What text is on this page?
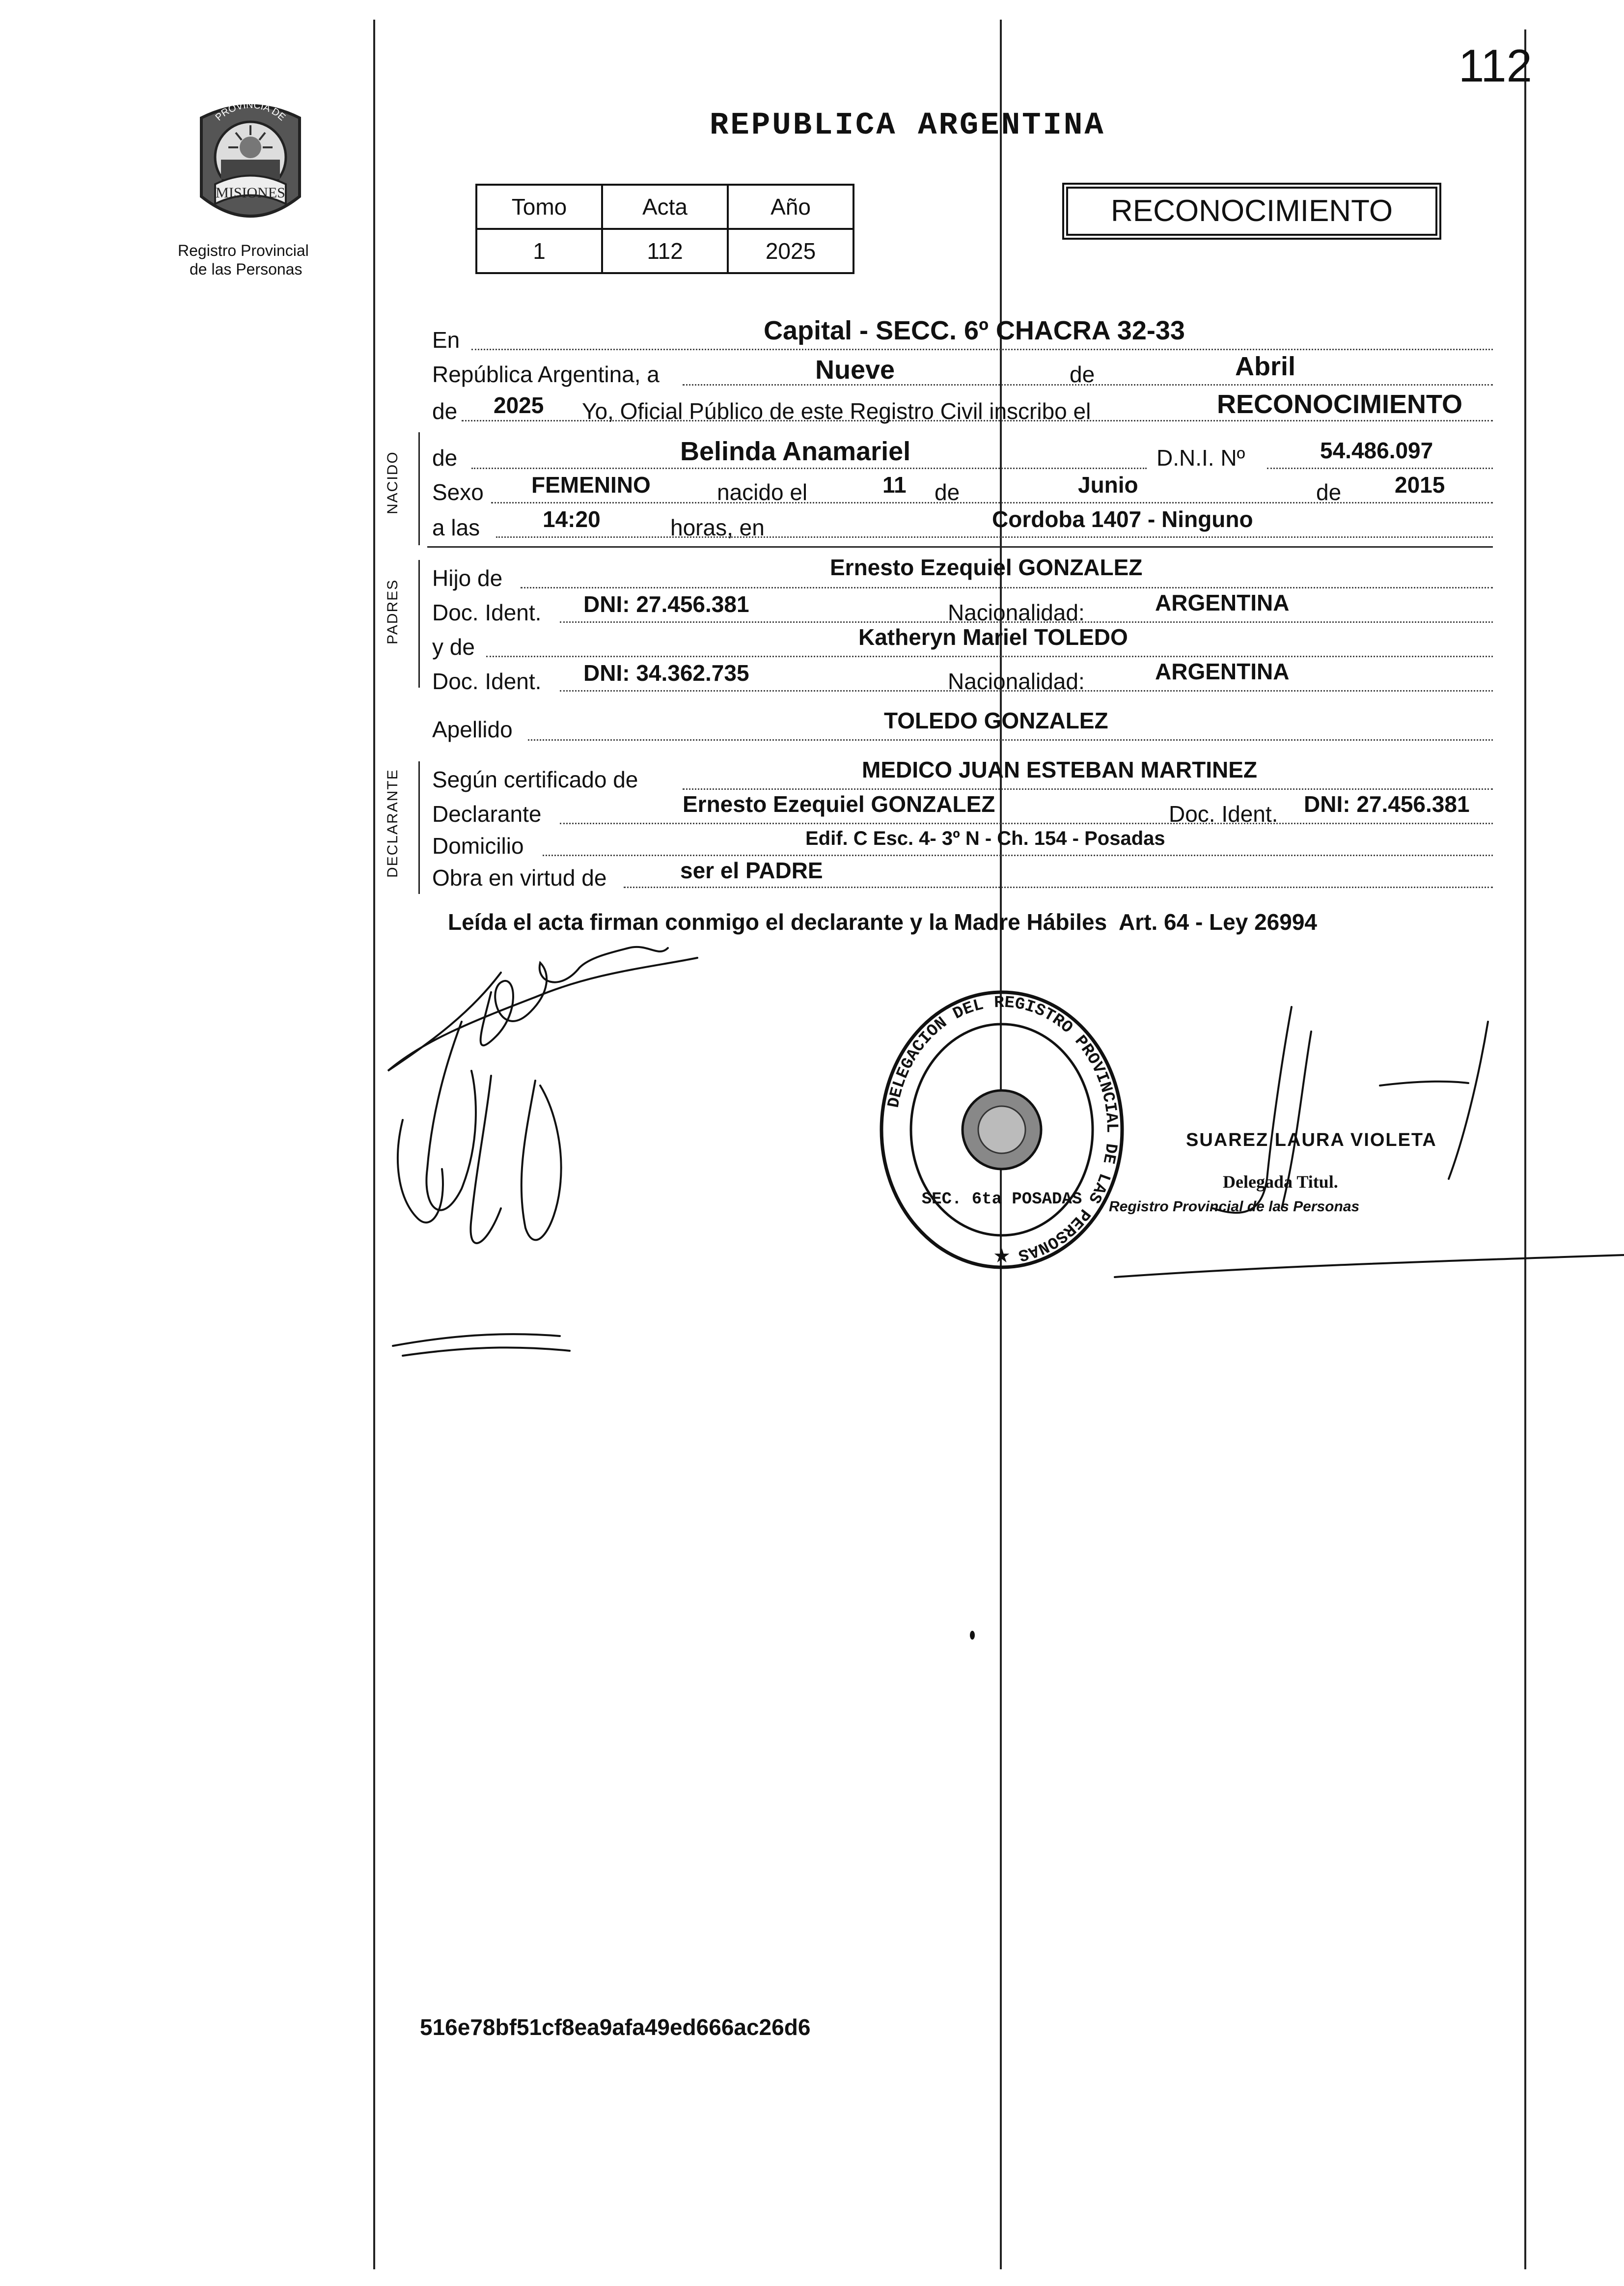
112
MISIONES
PROVINCIA DE
Registro Provincial
de las Personas
REPUBLICA ARGENTINA
Tomo	Acta	Año
1	112	2025
RECONOCIMIENTO
En	Capital - SECC. 6º CHACRA 32-33
República Argentina, a	Nueve	de	Abril
de 2025 Yo, Oficial Público de este Registro Civil inscribo el	RECONOCIMIENTO
NACIDO de	Belinda Anamariel	D.N.I. Nº	54.486.097
Sexo FEMENINO	nacido el	11 de	Junio	de 2015
a las	14:20	horas, en	Cordoba 1407 - Ninguno
PADRES
Hijo de	Ernesto Ezequiel GONZALEZ
Doc. Ident. DNI: 27.456.381	Nacionalidad:	ARGENTINA
y de	Katheryn Mariel TOLEDO
Doc. Ident. DNI: 34.362.735	Nacionalidad:	ARGENTINA
Apellido	TOLEDO GONZALEZ
DECLARANTE Según certificado de	MEDICO JUAN ESTEBAN MARTINEZ
Declarante	Ernesto Ezequiel GONZALEZ	Doc. Ident. DNI: 27.456.381
Domicilio	Edif. C Esc. 4- 3º N - Ch. 154 - Posadas
Obra en virtud de	ser el PADRE
Leída el acta firman conmigo el declarante y la Madre Hábiles  Art. 64 - Ley 26994
DELEGACION DEL REGISTRO PROVINCIAL DE LAS PERSONAS
SEC. 6ta POSADAS
★
SUAREZ LAURA VIOLETA
Delegada Titul.
Registro Provincial de las Personas
516e78bf51cf8ea9afa49ed666ac26d6
